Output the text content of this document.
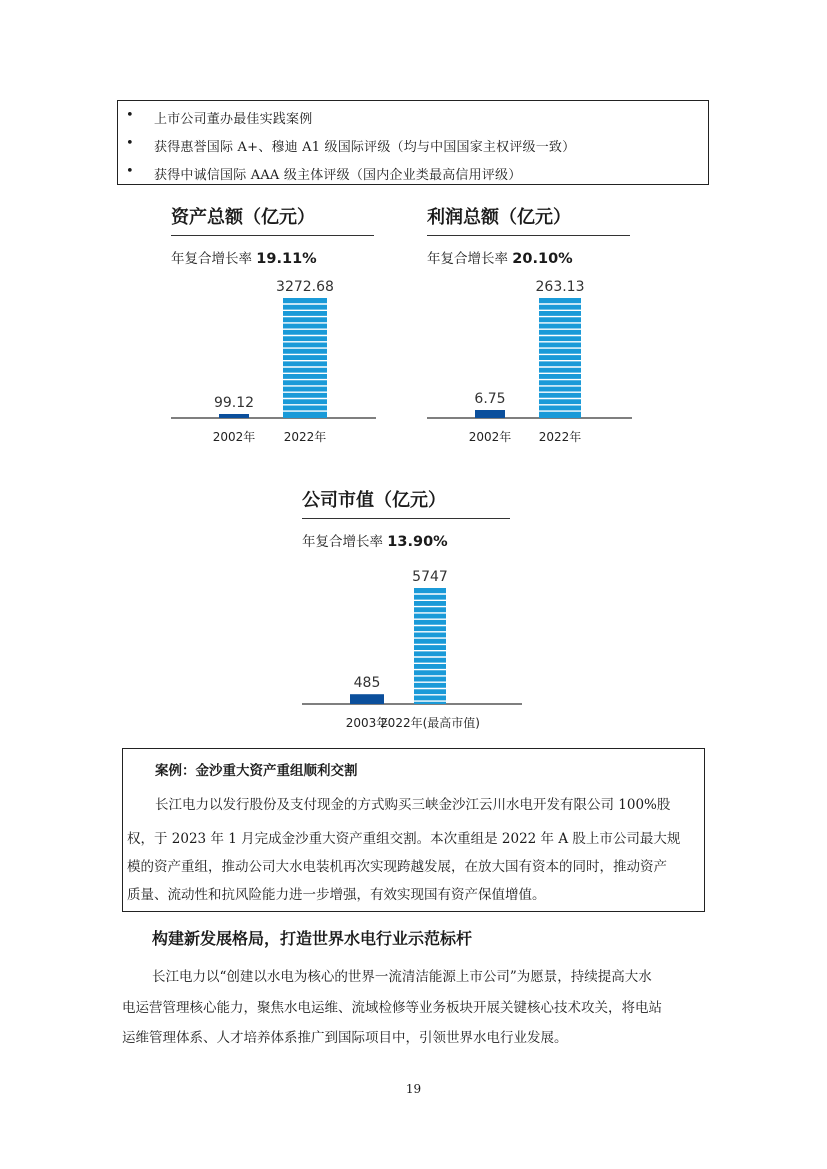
• 上市公司董办最佳实践案例
• 获得惠誉国际 A+、穆迪 A1 级国际评级（均与中国国家主权评级一致）
• 获得中诚信国际 AAA 级主体评级（国内企业类最高信用评级）
资产总额（亿元）
年复合增长率 19.11%
99.12
2002年
3272.68
2022年
利润总额（亿元）
年复合增长率 20.10%
6.75
2002年
263.13
2022年
公司市值（亿元）
年复合增长率 13.90%
485
2003年
5747
2022年(最高市值)
案例：金沙重大资产重组顺利交割
长江电力以发行股份及支付现金的方式购买三峡金沙江云川水电开发有限公司 100%股
权，于 2023 年 1 月完成金沙重大资产重组交割。本次重组是 2022 年 A 股上市公司最大规
模的资产重组，推动公司大水电装机再次实现跨越发展，在放大国有资本的同时，推动资产
质量、流动性和抗风险能力进一步增强，有效实现国有资产保值增值。
构建新发展格局，打造世界水电行业示范标杆
长江电力以“创建以水电为核心的世界一流清洁能源上市公司”为愿景，持续提高大水
电运营管理核心能力，聚焦水电运维、流域检修等业务板块开展关键核心技术攻关，将电站
运维管理体系、人才培养体系推广到国际项目中，引领世界水电行业发展。
19
